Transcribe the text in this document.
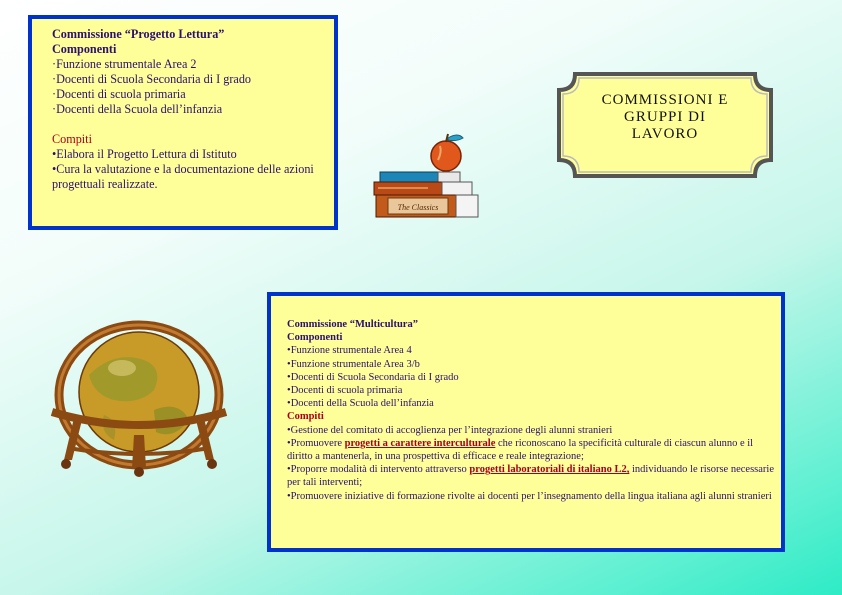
Commissione “Progetto Lettura”
Componenti
·Funzione strumentale Area 2
·Docenti di Scuola Secondaria di I grado
·Docenti di scuola primaria
·Docenti della Scuola dell’infanzia
Compiti
•Elabora il Progetto Lettura di Istituto
•Cura la valutazione e la documentazione delle azioni progettuali realizzate.
COMMISSIONI E
GRUPPI DI
LAVORO
The Classics
Commissione “Multicultura”
Componenti
•Funzione strumentale Area 4
•Funzione strumentale Area 3/b
•Docenti di Scuola Secondaria di I grado
•Docenti di scuola primaria
•Docenti della Scuola dell’infanzia
Compiti
•Gestione del comitato di accoglienza per l’integrazione degli alunni stranieri
•Promuovere progetti a carattere interculturale che riconoscano la specificità culturale di ciascun alunno e il diritto a mantenerla, in una prospettiva di efficace e reale integrazione;
•Proporre modalità di intervento attraverso progetti laboratoriali di italiano L2, individuando le risorse necessarie per tali interventi;
•Promuovere iniziative di formazione rivolte ai docenti per l’insegnamento della lingua italiana agli alunni stranieri
